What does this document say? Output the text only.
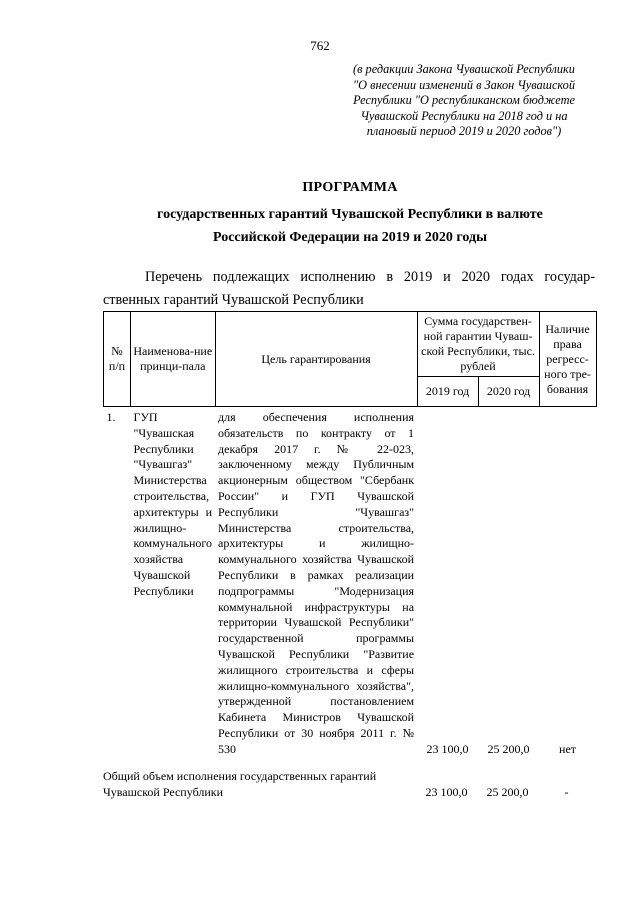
762
(в редакции Закона Чувашской Республики
"О внесении изменений в Закон Чувашской
Республики "О республиканском бюджете
Чувашской Республики на 2018 год и на
плановый период 2019 и 2020 годов")
ПРОГРАММА
государственных гарантий Чувашской Республики в валюте
Российской Федерации на 2019 и 2020 годы
Перечень подлежащих исполнению в 2019 и 2020 годах государ-
ственных гарантий Чувашской Республики
№ п/п	Наименова-ние принци-пала	Цель гарантирования	Сумма государствен-ной гарантии Чуваш-ской Республики, тыс. рублей		Наличие права регресс-ного тре-бования
			2019 год	2020 год	
1.	ГУП "Чувашская Республики "Чувашгаз" Министерства строительства, архитектуры и жилищно-коммунального хозяйства Чувашской Республики	для обеспечения исполнения обязательств по контракту от 1 декабря 2017 г. № 22-023, заключенному между Публичным акционерным обществом "Сбербанк России" и ГУП Чувашской Республики "Чувашгаз" Министерства строительства, архитектуры и жилищно-коммунального хозяйства Чувашской Республики в рамках реализации подпрограммы "Модернизация коммунальной инфраструктуры на территории Чувашской Республики" государственной программы Чувашской Республики "Развитие жилищного строительства и сферы жилищно-коммунального хозяйства", утвержденной постановлением Кабинета Министров Чувашской Республики от 30 ноября 2011 г. № 530	23 100,0	25 200,0	нет
Общий объем исполнения государственных гарантий Чувашской Республики	23 100,0	25 200,0	-
